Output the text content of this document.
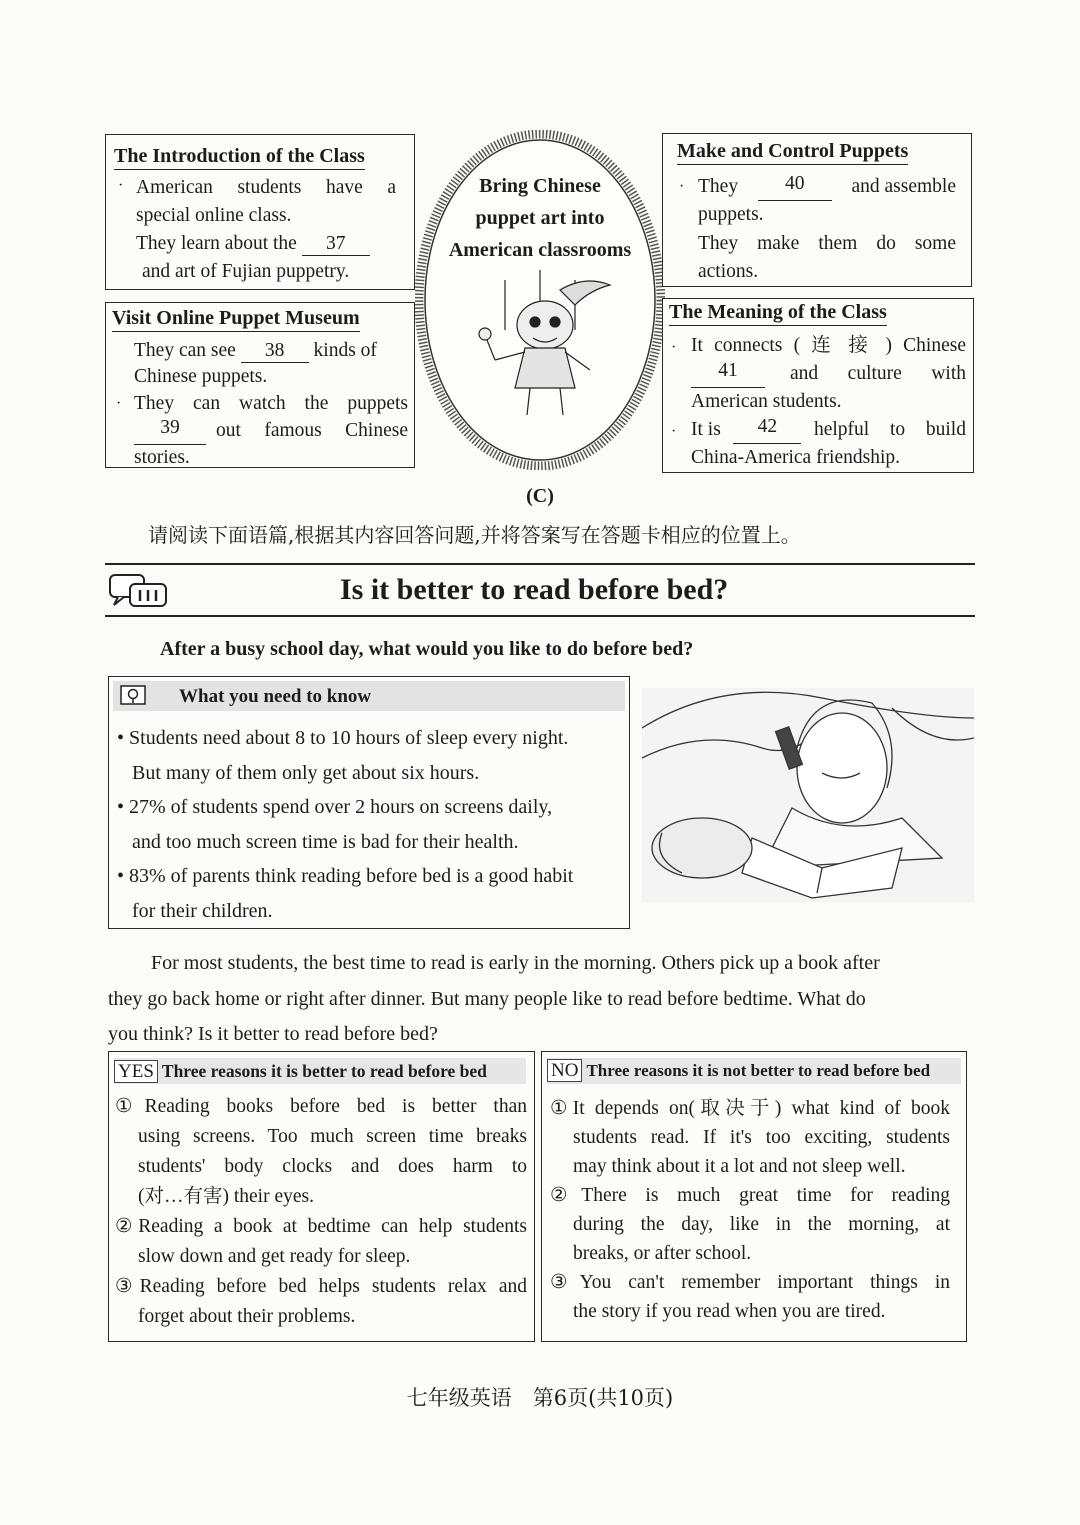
The Introduction of the Class
· American students have a
special online class.
They learn about the 37
and art of Fujian puppetry.
Visit Online Puppet Museum
They can see 38 kinds of
Chinese puppets.
· They can watch the puppets
39	out famous Chinese
stories.
Bring Chinese
puppet art into
American classrooms
Make and Control Puppets
· They	40	and assemble
puppets.
They make them do some
actions.
The Meaning of the Class
· It connects ( 连 接 ) Chinese
41	and culture with
American students.
· It is	42	helpful to build
China-America friendship.
(C)
请阅读下面语篇,根据其内容回答问题,并将答案写在答题卡相应的位置上。
Is it better to read before bed?
After a busy school day, what would you like to do before bed?
What you need to know
• Students need about 8 to 10 hours of sleep every night.
But many of them only get about six hours.
• 27% of students spend over 2 hours on screens daily,
and too much screen time is bad for their health.
• 83% of parents think reading before bed is a good habit
for their children.
For most students, the best time to read is early in the morning. Others pick up a book after
they go back home or right after dinner. But many people like to read before bedtime. What do
you think? Is it better to read before bed?
YES Three reasons it is better to read before bed
①Reading books before bed is better than
using screens. Too much screen time breaks
students' body clocks and does harm to
(对…有害) their eyes.
②Reading a book at bedtime can help students
slow down and get ready for sleep.
③Reading before bed helps students relax and
forget about their problems.
NO Three reasons it is not better to read before bed
①It depends on(取决于) what kind of book
students read. If it's too exciting, students
may think about it a lot and not sleep well.
②There is much great time for reading
during the day, like in the morning, at
breaks, or after school.
③You can't remember important things in
the story if you read when you are tired.
七年级英语　第6页(共10页)
